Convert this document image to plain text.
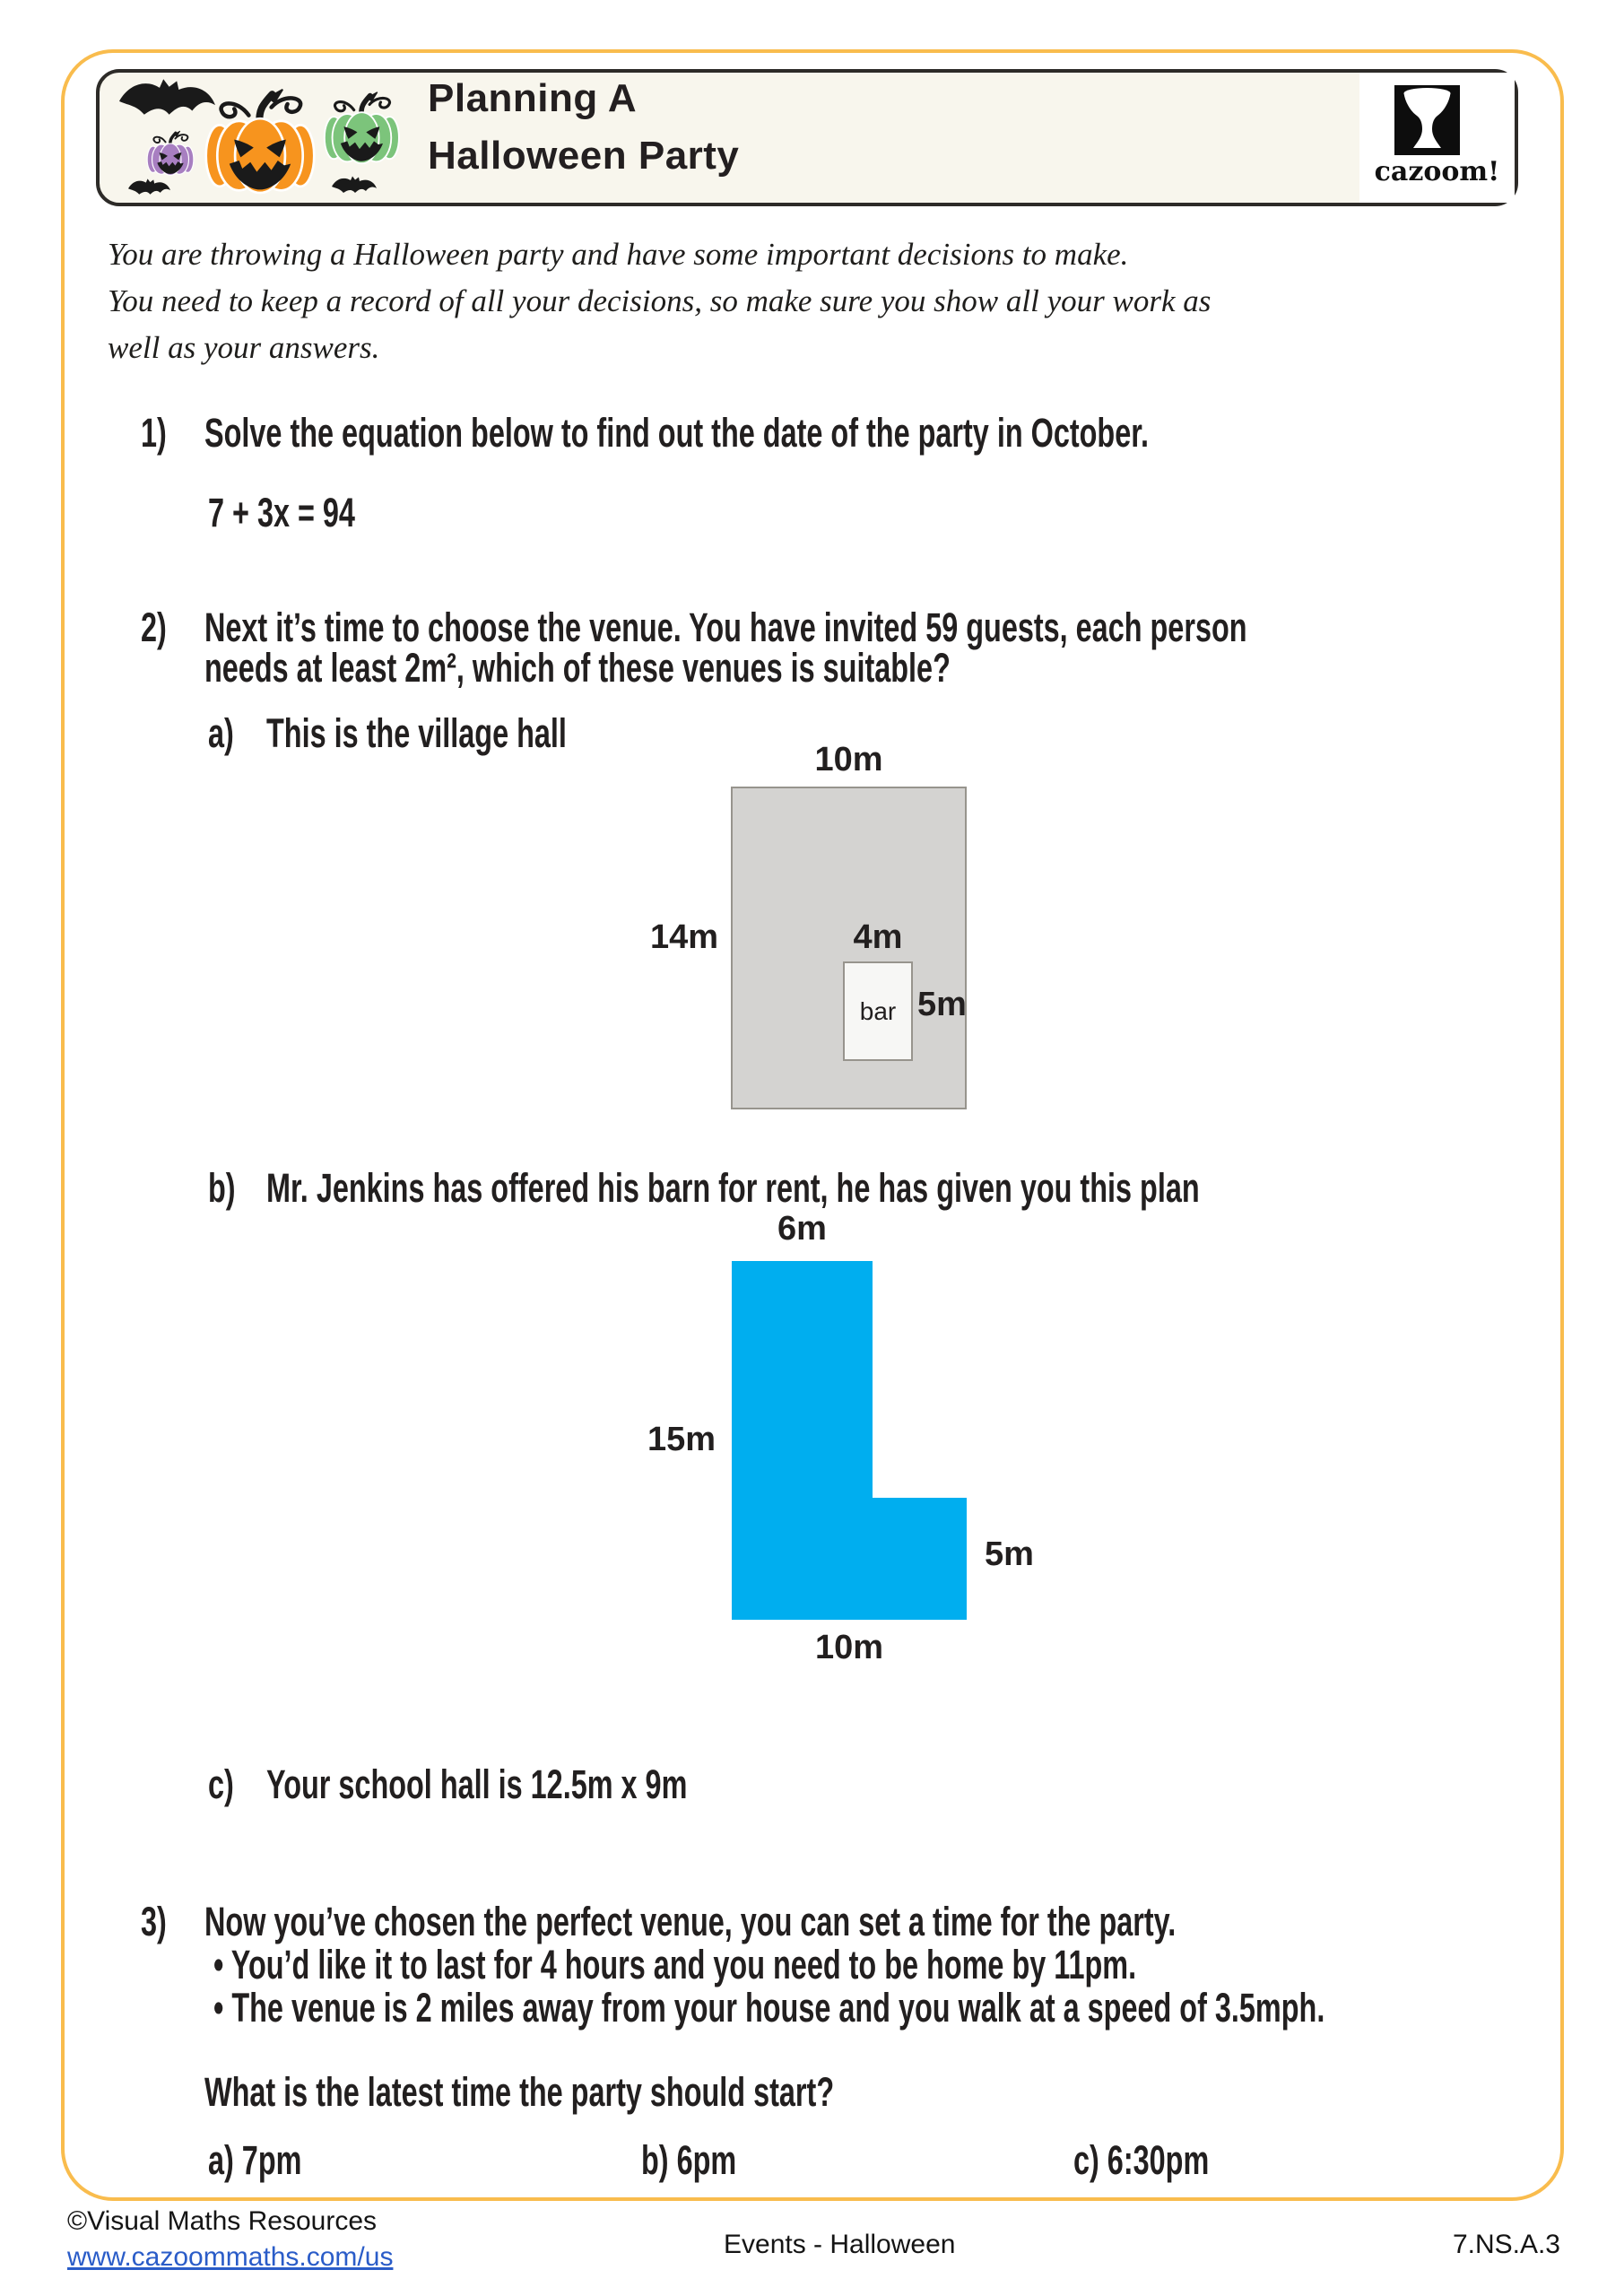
Planning A
Halloween Party	cazoom!
You are throwing a Halloween party and have some important decisions to make.
You need to keep a record of all your decisions, so make sure you show all your work as
well as your answers.
1) Solve the equation below to find out the date of the party in October.
7 + 3x = 94
2) Next it’s time to choose the venue. You have invited 59 guests, each person
needs at least 2m², which of these venues is suitable?
a) This is the village hall
10m
14m	4m
bar 5m
b) Mr. Jenkins has offered his barn for rent, he has given you this plan
6m
15m
5m
10m
c) Your school hall is 12.5m x 9m
3) Now you’ve chosen the perfect venue, you can set a time for the party.
• You’d like it to last for 4 hours and you need to be home by 11pm.
• The venue is 2 miles away from your house and you walk at a speed of 3.5mph.
What is the latest time the party should start?
a) 7pm	b) 6pm	c) 6:30pm
©Visual Maths Resources
www.cazoommaths.com/us	Events - Halloween	7.NS.A.3
